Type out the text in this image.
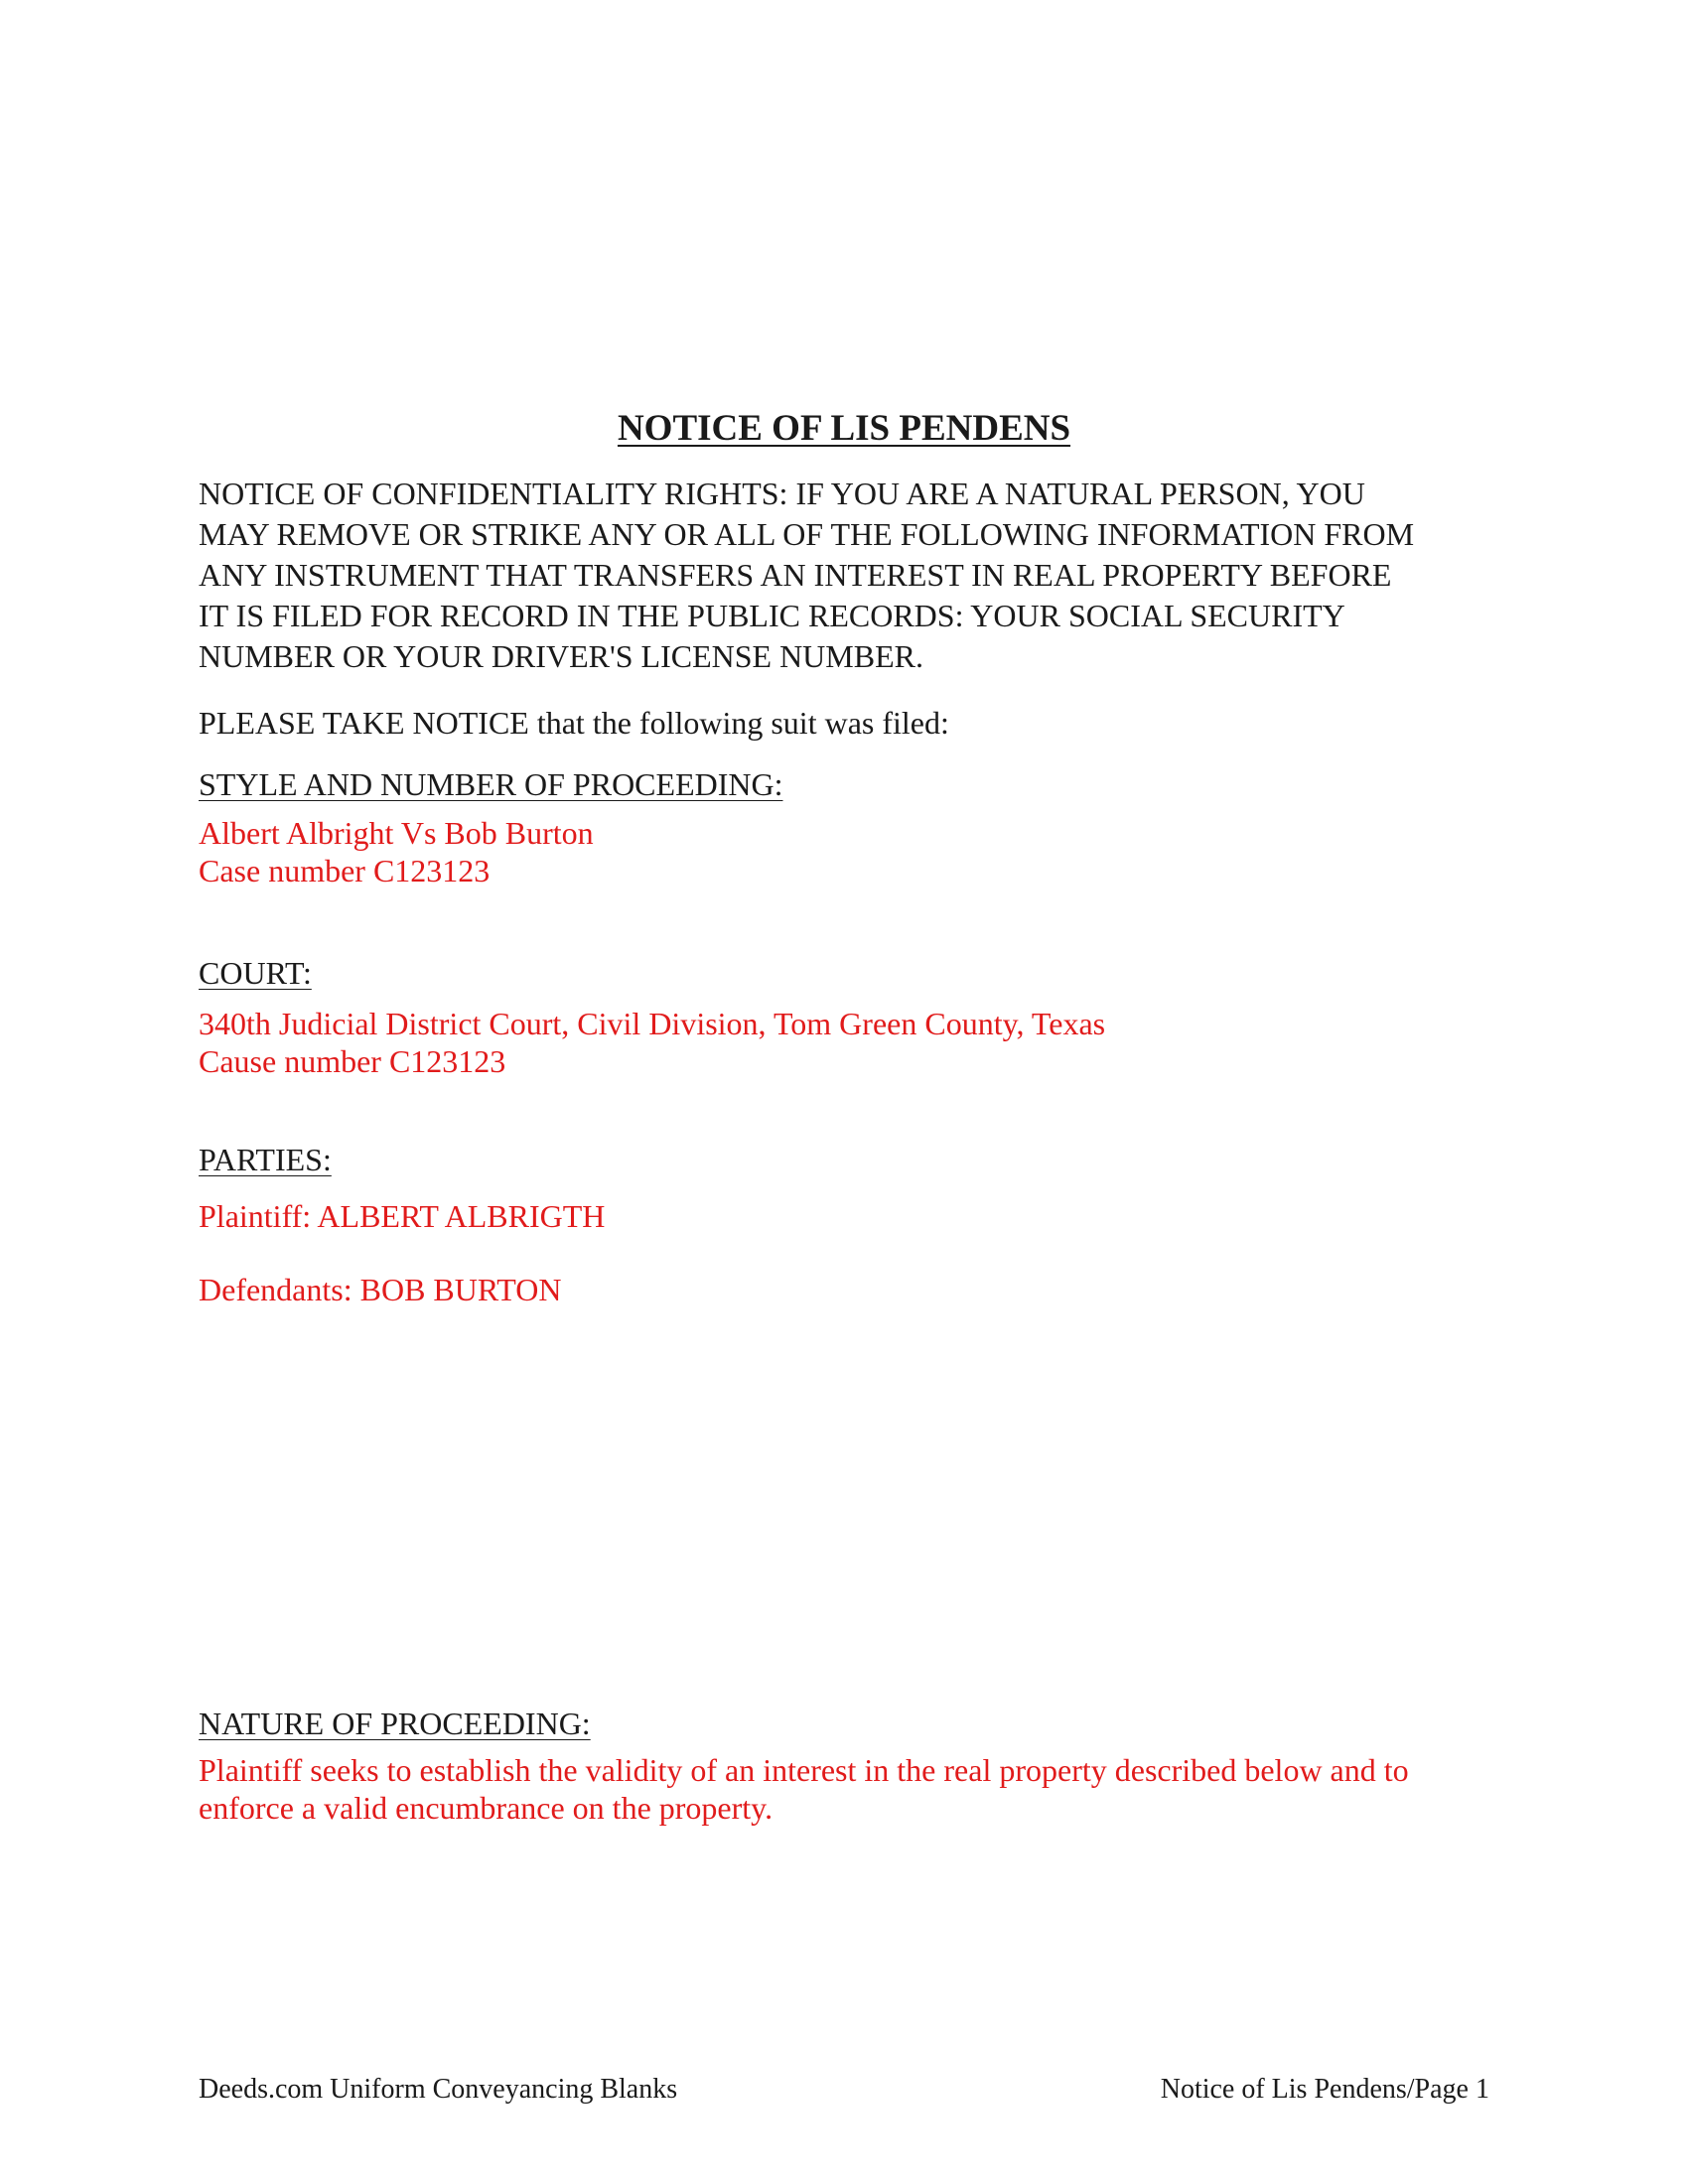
NOTICE OF LIS PENDENS
NOTICE OF CONFIDENTIALITY RIGHTS: IF YOU ARE A NATURAL PERSON, YOU
MAY REMOVE OR STRIKE ANY OR ALL OF THE FOLLOWING INFORMATION FROM
ANY INSTRUMENT THAT TRANSFERS AN INTEREST IN REAL PROPERTY BEFORE
IT IS FILED FOR RECORD IN THE PUBLIC RECORDS: YOUR SOCIAL SECURITY
NUMBER OR YOUR DRIVER'S LICENSE NUMBER.
PLEASE TAKE NOTICE that the following suit was filed:
STYLE AND NUMBER OF PROCEEDING:
Albert Albright Vs Bob Burton
Case number C123123
COURT:
340th Judicial District Court, Civil Division, Tom Green County, Texas
Cause number C123123
PARTIES:
Plaintiff: ALBERT ALBRIGTH
Defendants: BOB BURTON
NATURE OF PROCEEDING:
Plaintiff seeks to establish the validity of an interest in the real property described below and to
enforce a valid encumbrance on the property.
Deeds.com Uniform Conveyancing Blanks	Notice of Lis Pendens/Page 1
